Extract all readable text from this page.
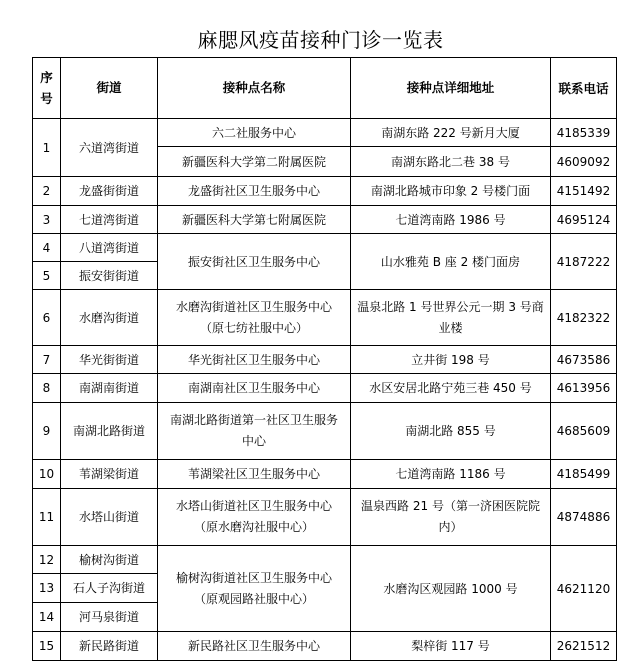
麻腮风疫苗接种门诊一览表
序号	街道	接种点名称	接种点详细地址	联系电话
1	六道湾街道	六二社服务中心	南湖东路 222 号新月大厦	4185339
		新疆医科大学第二附属医院	南湖东路北二巷 38 号	4609092
2	龙盛街街道	龙盛街社区卫生服务中心	南湖北路城市印象 2 号楼门面	4151492
3	七道湾街道	新疆医科大学第七附属医院	七道湾南路 1986 号	4695124
4	八道湾街道	振安街社区卫生服务中心	山水雅苑 B 座 2 楼门面房	4187222
5	振安街街道			
6	水磨沟街道	水磨沟街道社区卫生服务中心（原七纺社服中心）	温泉北路 1 号世界公元一期 3 号商业楼	4182322
7	华光街街道	华光街社区卫生服务中心	立井街 198 号	4673586
8	南湖南街道	南湖南社区卫生服务中心	水区安居北路宁苑三巷 450 号	4613956
9	南湖北路街道	南湖北路街道第一社区卫生服务中心	南湖北路 855 号	4685609
10	苇湖梁街道	苇湖梁社区卫生服务中心	七道湾南路 1186 号	4185499
11	水塔山街道	水塔山街道社区卫生服务中心（原水磨沟社服中心）	温泉西路 21 号（第一济困医院院内）	4874886
12	榆树沟街道	榆树沟街道社区卫生服务中心（原观园路社服中心）	水磨沟区观园路 1000 号	4621120
13	石人子沟街道			
14	河马泉街道			
15	新民路街道	新民路社区卫生服务中心	梨梓街 117 号	2621512
